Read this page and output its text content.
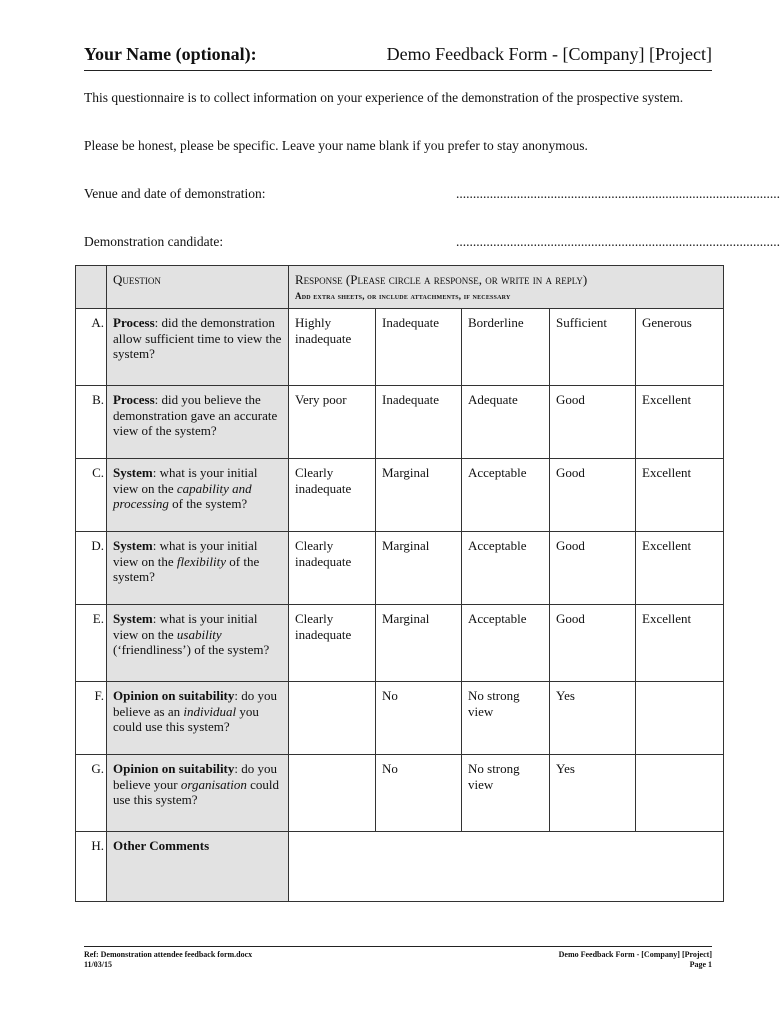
Your Name (optional):	Demo Feedback Form - [Company] [Project]
This questionnaire is to collect information on your experience of the demonstration of the prospective system.
Please be honest, please be specific. Leave your name blank if you prefer to stay anonymous.
Venue and date of demonstration:	................................................................................................
Demonstration candidate:	................................................................................................
	Question	Response (Please circle a response, or write in a reply)
Add extra sheets, or include attachments, if necessary				

A.	Process: did the demonstration allow sufficient time to view the system?	Highly inadequate	Inadequate	Borderline	Sufficient	Generous
B.	Process: did you believe the demonstration gave an accurate view of the system?	Very poor	Inadequate	Adequate	Good	Excellent
C.	System: what is your initial view on the capability and processing of the system?	Clearly inadequate	Marginal	Acceptable	Good	Excellent
D.	System: what is your initial view on the flexibility of the system?	Clearly inadequate	Marginal	Acceptable	Good	Excellent
E.	System: what is your initial view on the usability (‘friendliness’) of the system?	Clearly inadequate	Marginal	Acceptable	Good	Excellent
F.	Opinion on suitability: do you believe as an individual you could use this system?		No	No strong view	Yes	
G.	Opinion on suitability: do you believe your organisation could use this system?		No	No strong view	Yes	
H.	Other Comments					
Ref: Demonstration attendee feedback form.docx
11/03/15
Demo Feedback Form - [Company] [Project]
Page 1
